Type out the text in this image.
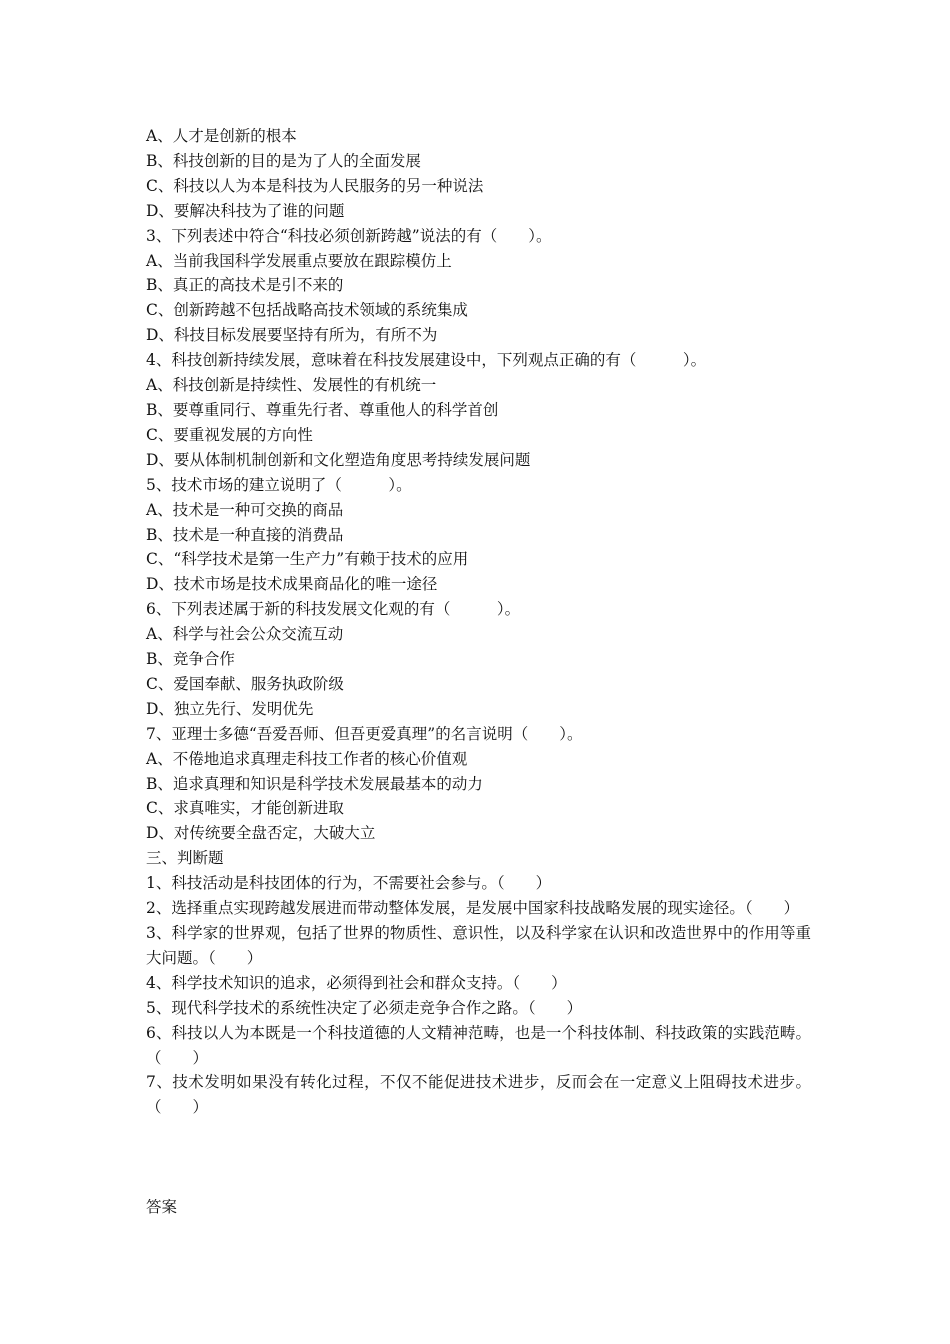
A、人才是创新的根本
B、科技创新的目的是为了人的全面发展
C、科技以人为本是科技为人民服务的另一种说法
D、要解决科技为了谁的问题
3、下列表述中符合“科技必须创新跨越”说法的有（　　）。
A、当前我国科学发展重点要放在跟踪模仿上
B、真正的高技术是引不来的
C、创新跨越不包括战略高技术领域的系统集成
D、科技目标发展要坚持有所为，有所不为
4、科技创新持续发展，意味着在科技发展建设中，下列观点正确的有（　　　）。
A、科技创新是持续性、发展性的有机统一
B、要尊重同行、尊重先行者、尊重他人的科学首创
C、要重视发展的方向性
D、要从体制机制创新和文化塑造角度思考持续发展问题
5、技术市场的建立说明了（　　　）。
A、技术是一种可交换的商品
B、技术是一种直接的消费品
C、“科学技术是第一生产力”有赖于技术的应用
D、技术市场是技术成果商品化的唯一途径
6、下列表述属于新的科技发展文化观的有（　　　）。
A、科学与社会公众交流互动
B、竞争合作
C、爱国奉献、服务执政阶级
D、独立先行、发明优先
7、亚理士多德“吾爱吾师、但吾更爱真理”的名言说明（　　）。
A、不倦地追求真理走科技工作者的核心价值观
B、追求真理和知识是科学技术发展最基本的动力
C、求真唯实，才能创新进取
D、对传统要全盘否定，大破大立
三、判断题
1、科技活动是科技团体的行为，不需要社会参与。（　　）
2、选择重点实现跨越发展进而带动整体发展，是发展中国家科技战略发展的现实途径。（　　）
3、科学家的世界观，包括了世界的物质性、意识性，以及科学家在认识和改造世界中的作用等重大问题。（　　）
4、科学技术知识的追求，必须得到社会和群众支持。（　　）
5、现代科学技术的系统性决定了必须走竞争合作之路。（　　）
6、科技以人为本既是一个科技道德的人文精神范畴，也是一个科技体制、科技政策的实践范畴。（　　）
7、技术发明如果没有转化过程，不仅不能促进技术进步，反而会在一定意义上阻碍技术进步。（　　）
答案
